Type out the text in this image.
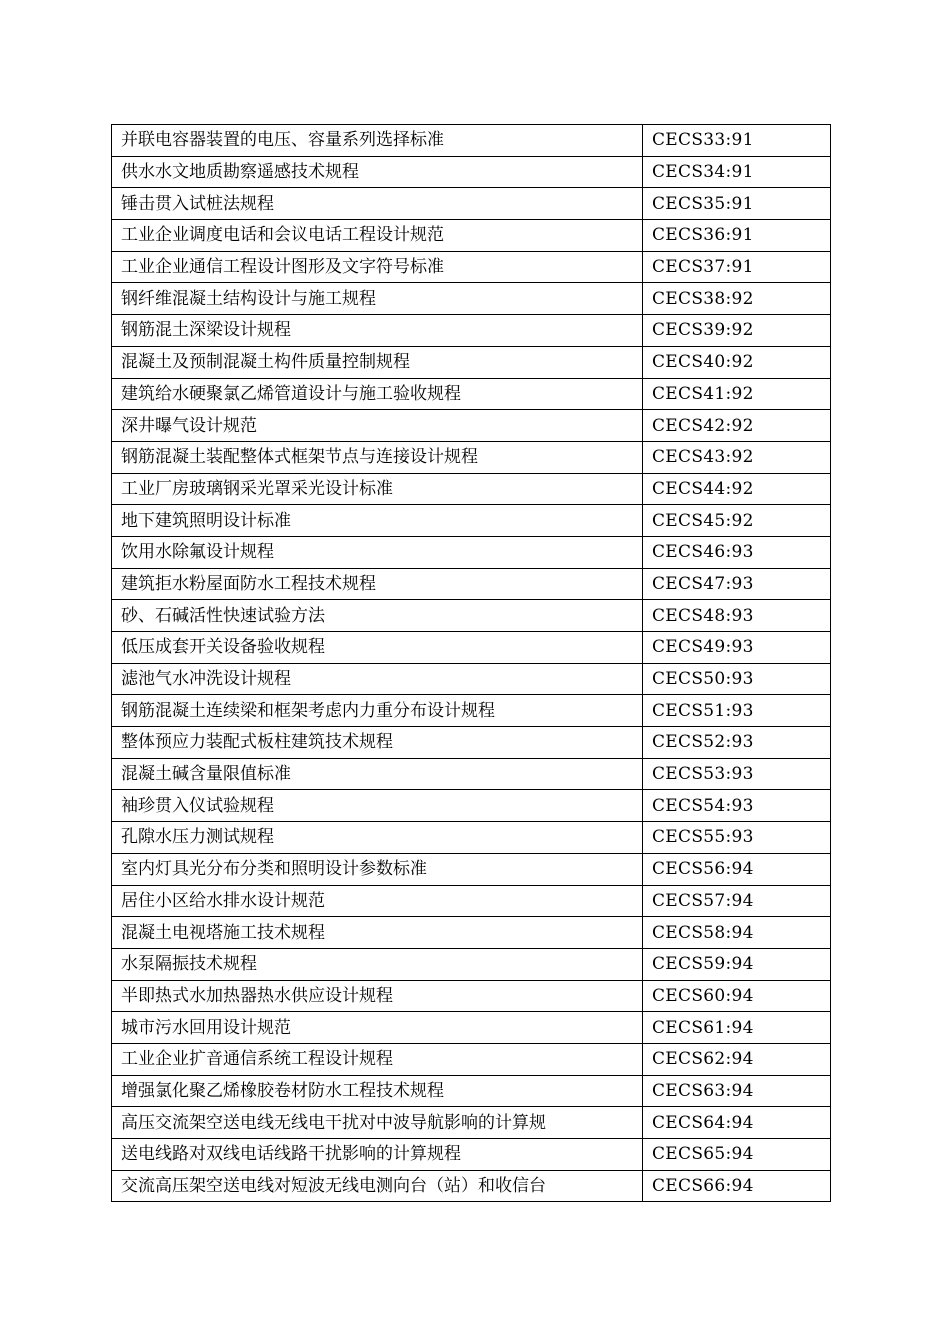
并联电容器装置的电压、容量系列选择标准	CECS33:91
供水水文地质勘察遥感技术规程	CECS34:91
锤击贯入试桩法规程	CECS35:91
工业企业调度电话和会议电话工程设计规范	CECS36:91
工业企业通信工程设计图形及文字符号标准	CECS37:91
钢纤维混凝土结构设计与施工规程	CECS38:92
钢筋混土深梁设计规程	CECS39:92
混凝土及预制混凝土构件质量控制规程	CECS40:92
建筑给水硬聚氯乙烯管道设计与施工验收规程	CECS41:92
深井曝气设计规范	CECS42:92
钢筋混凝土装配整体式框架节点与连接设计规程	CECS43:92
工业厂房玻璃钢采光罩采光设计标准	CECS44:92
地下建筑照明设计标准	CECS45:92
饮用水除氟设计规程	CECS46:93
建筑拒水粉屋面防水工程技术规程	CECS47:93
砂、石碱活性快速试验方法	CECS48:93
低压成套开关设备验收规程	CECS49:93
滤池气水冲洗设计规程	CECS50:93
钢筋混凝土连续梁和框架考虑内力重分布设计规程	CECS51:93
整体预应力装配式板柱建筑技术规程	CECS52:93
混凝土碱含量限值标准	CECS53:93
袖珍贯入仪试验规程	CECS54:93
孔隙水压力测试规程	CECS55:93
室内灯具光分布分类和照明设计参数标准	CECS56:94
居住小区给水排水设计规范	CECS57:94
混凝土电视塔施工技术规程	CECS58:94
水泵隔振技术规程	CECS59:94
半即热式水加热器热水供应设计规程	CECS60:94
城市污水回用设计规范	CECS61:94
工业企业扩音通信系统工程设计规程	CECS62:94
增强氯化聚乙烯橡胶卷材防水工程技术规程	CECS63:94
高压交流架空送电线无线电干扰对中波导航影响的计算规	CECS64:94
送电线路对双线电话线路干扰影响的计算规程	CECS65:94
交流高压架空送电线对短波无线电测向台（站）和收信台	CECS66:94
